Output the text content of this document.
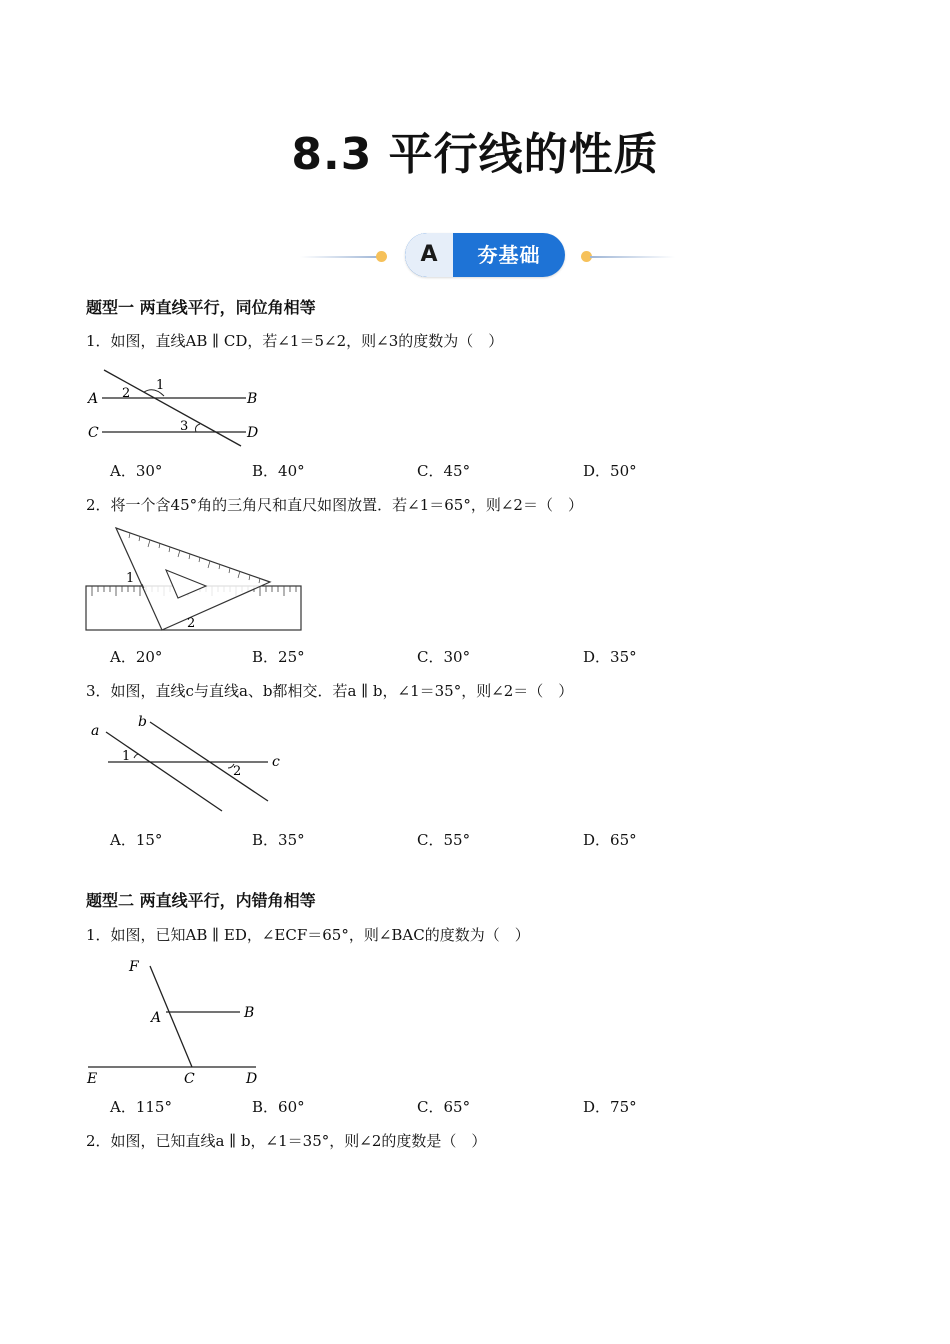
8.3 平行线的性质
A	夯基础
题型一 两直线平行，同位角相等
1．如图，直线AB ∥ CD，若∠1＝5∠2，则∠3的度数为（　）
A	B
C	D
1
2
3
A．30°	B．40°	C．45°	D．50°
2．将一个含45°角的三角尺和直尺如图放置．若∠1＝65°，则∠2＝（　）
1
2
A．20°	B．25°	C．30°	D．35°
3．如图，直线c与直线a、b都相交．若a ∥ b，∠1＝35°，则∠2＝（　）
a
b
c
1
2
A．15°	B．35°	C．55°	D．65°
题型二 两直线平行，内错角相等
1．如图，已知AB ∥ ED，∠ECF＝65°，则∠BAC的度数为（　）
F
A	B
E	C	D
A．115°	B．60°	C．65°	D．75°
2．如图，已知直线a ∥ b，∠1＝35°，则∠2的度数是（　）
